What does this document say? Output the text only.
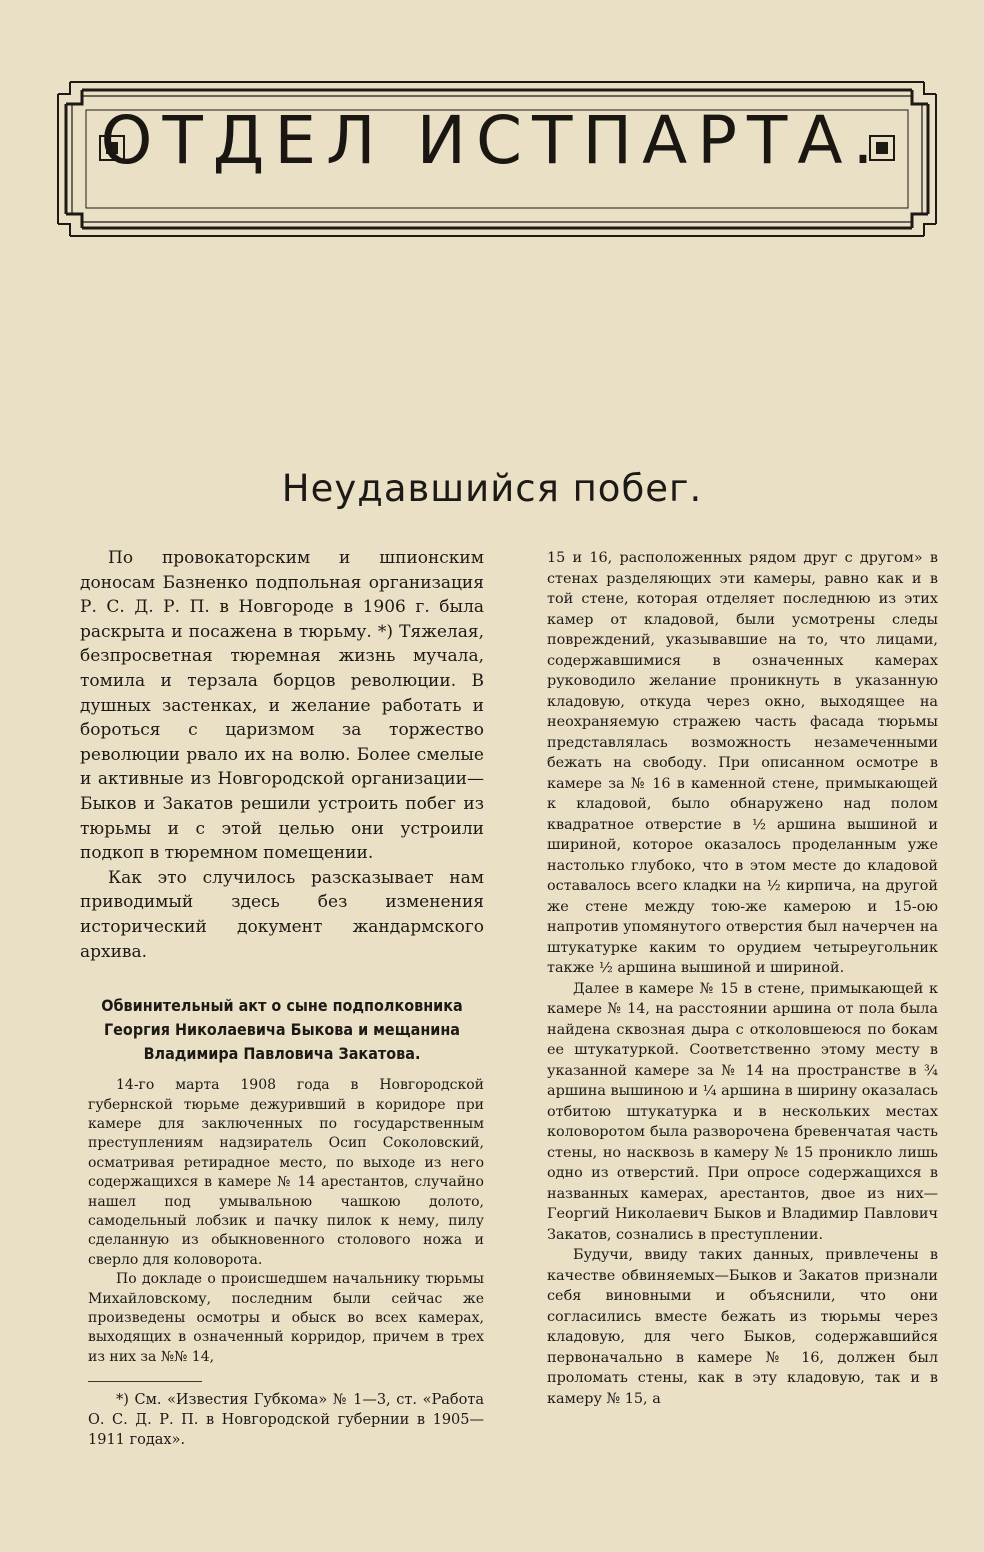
ОТДЕЛ ИСТПАРТА.
Неудавшийся побег.

По провокаторским и шпионским доносам Базненко подпольная организация Р. С. Д. Р. П. в Новгороде в 1906 г. была раскрыта и посажена в тюрьму. *) Тяжелая, безпросветная тюремная жизнь мучала, томила и терзала борцов революции. В душных застенках, и желание работать и бороться с царизмом за торжество революции рвало их на волю. Более смелые и активные из Новгородской организации—Быков и Закатов решили устроить побег из тюрьмы и с этой целью они устроили подкоп в тюремном помещении.

Как это случилось разсказывает нам приводимый здесь без изменения исторический документ жандармского архива.

Обвинительный акт о сыне подполковника
Георгия Николаевича Быкова и мещанина
Владимира Павловича Закатова.

14-го марта 1908 года в Новгородской губернской тюрьме дежуривший в коридоре при камере для заключенных по государственным преступлениям надзиратель Осип Соколовский, осматривая ретирадное место, по выходе из него содержащихся в камере № 14 арестантов, случайно нашел под умывальною чашкою долото, самодельный лобзик и пачку пилок к нему, пилу сделанную из обыкновенного столового ножа и сверло для коловорота.

По докладе о происшедшем начальнику тюрьмы Михайловскому, последним были сейчас же произведены осмотры и обыск во всех камерах, выходящих в означенный корридор, причем в трех из них за №№ 14,

*) См. «Известия Губкома» № 1—3, ст. «Работа О. С. Д. Р. П. в Новгородской губернии в 1905—1911 годах».

15 и 16, расположенных рядом друг с другом» в стенах разделяющих эти камеры, равно как и в той стене, которая отделяет последнюю из этих камер от кладовой, были усмотрены следы повреждений, указывавшие на то, что лицами, содержавшимися в означенных камерах руководило желание проникнуть в указанную кладовую, откуда через окно, выходящее на неохраняемую стражею часть фасада тюрьмы представлялась возможность незамеченными бежать на свободу. При описанном осмотре в камере за № 16 в каменной стене, примыкающей к кладовой, было обнаружено над полом квадратное отверстие в ½ аршина вышиной и шириной, которое оказалось проделанным уже настолько глубоко, что в этом месте до кладовой оставалось всего кладки на ½ кирпича, на другой же стене между тою-же камерою и 15-ою напротив упомянутого отверстия был начерчен на штукатурке каким то орудием четыреугольник также ½ аршина вышиной и шириной.

Далее в камере № 15 в стене, примыкающей к камере № 14, на расстоянии аршина от пола была найдена сквозная дыра с отколовшеюся по бокам ее штукатуркой. Соответственно этому месту в указанной камере за № 14 на пространстве в ¾ аршина вышиною и ¼ аршина в ширину оказалась отбитою штукатурка и в нескольких местах коловоротом была разворочена бревенчатая часть стены, но насквозь в камеру № 15 проникло лишь одно из отверстий. При опросе содержащихся в названных камерах, арестантов, двое из них—Георгий Николаевич Быков и Владимир Павлович Закатов, сознались в преступлении.

Будучи, ввиду таких данных, привлечены в качестве обвиняемых—Быков и Закатов признали себя виновными и объяснили, что они согласились вместе бежать из тюрьмы через кладовую, для чего Быков, содержавшийся первоначально в камере № 16, должен был проломать стены, как в эту кладовую, так и в камеру № 15, а
